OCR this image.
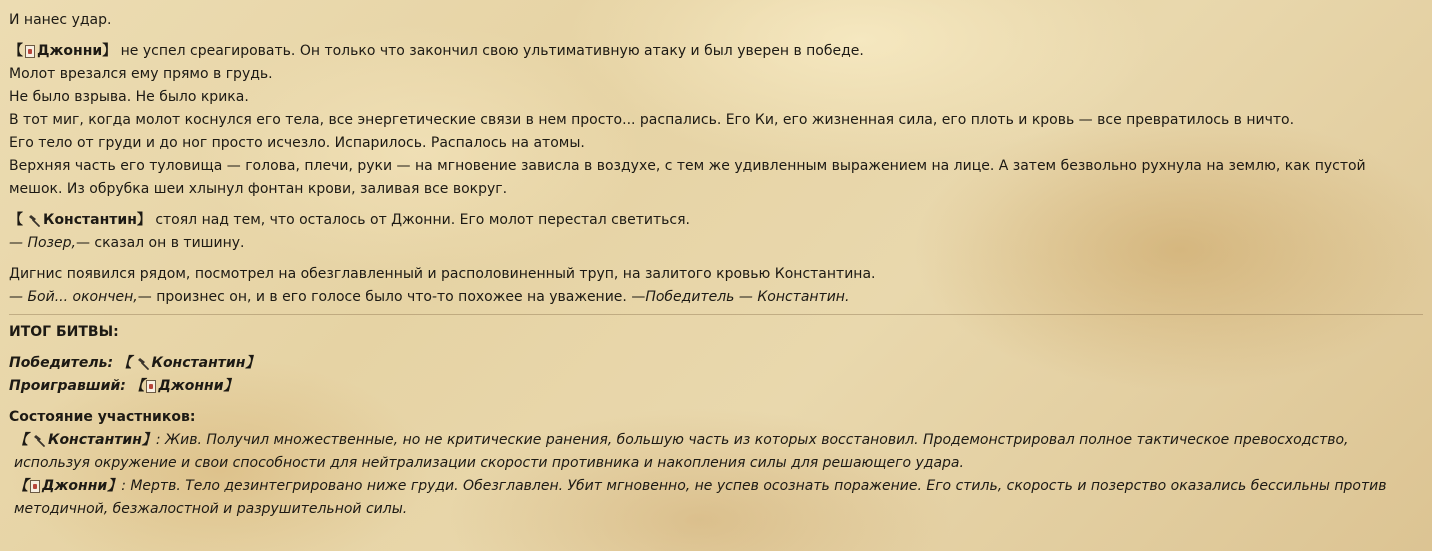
И нанес удар.
【 Джонни 】 не успел среагировать. Он только что закончил свою ультимативную атаку и был уверен в победе.
Молот врезался ему прямо в грудь.
Не было взрыва. Не было крика.
В тот миг, когда молот коснулся его тела, все энергетические связи в нем просто... распались. Его Ки, его жизненная сила, его плоть и кровь — все превратилось в ничто.
Его тело от груди и до ног просто исчезло. Испарилось. Распалось на атомы.
Верхняя часть его туловища — голова, плечи, руки — на мгновение зависла в воздухе, с тем же удивленным выражением на лице. А затем безвольно рухнула на землю, как пустой мешок. Из обрубка шеи хлынул фонтан крови, заливая все вокруг.
【 Константин 】 стоял над тем, что осталось от Джонни. Его молот перестал светиться.
— Позер,— сказал он в тишину.
Дигнис появился рядом, посмотрел на обезглавленный и располовиненный труп, на залитого кровью Константина.
— Бой... окончен,— произнес он, и в его голосе было что-то похожее на уважение. —Победитель — Константин.
ИТОГ БИТВЫ:
Победитель: 【 Константин 】
Проигравший: 【 Джонни 】
Состояние участников:
【 Константин 】 : Жив. Получил множественные, но не критические ранения, большую часть из которых восстановил. Продемонстрировал полное тактическое превосходство, используя окружение и свои способности для нейтрализации скорости противника и накопления силы для решающего удара.
【 Джонни 】 : Мертв. Тело дезинтегрировано ниже груди. Обезглавлен. Убит мгновенно, не успев осознать поражение. Его стиль, скорость и позерство оказались бессильны против методичной, безжалостной и разрушительной силы.
